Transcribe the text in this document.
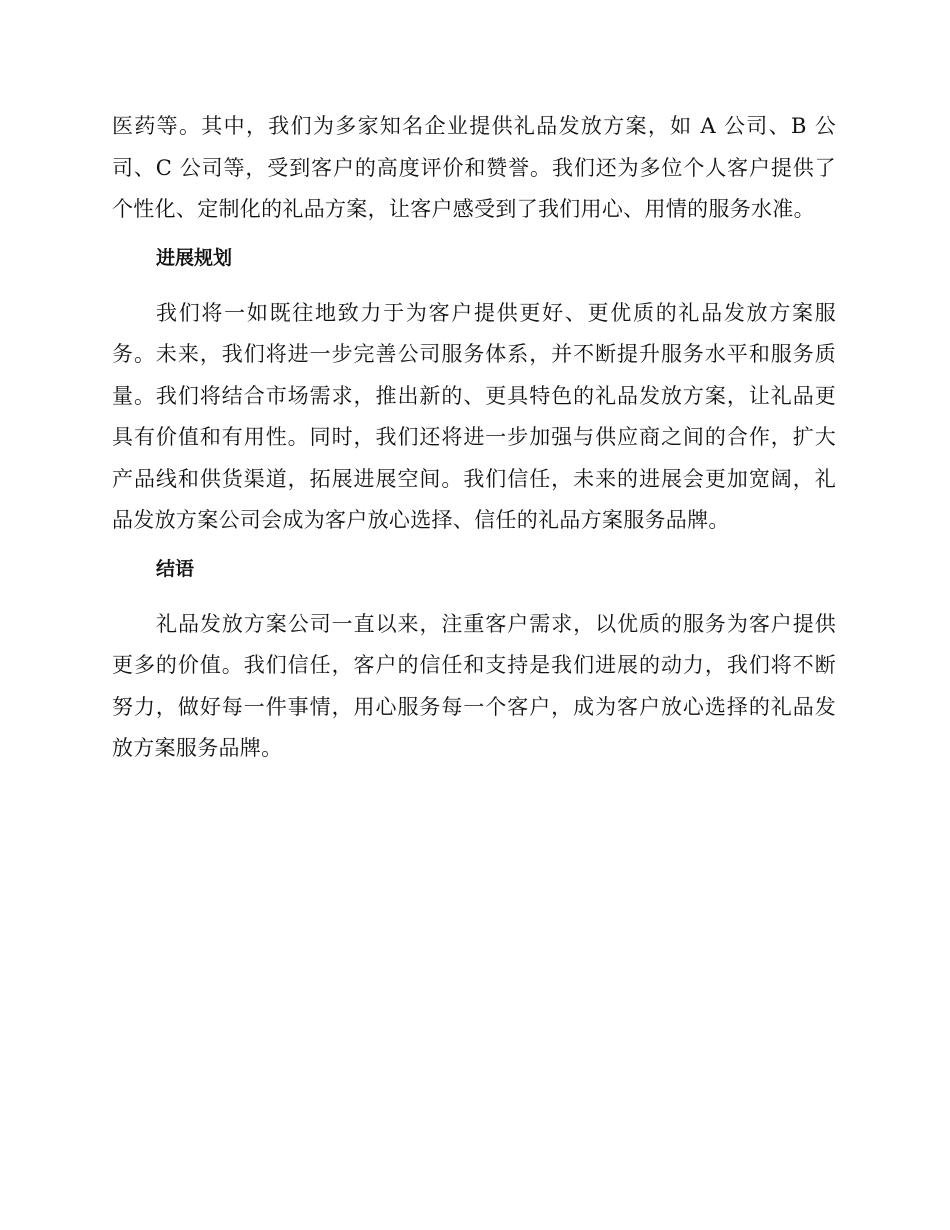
医药等。其中，我们为多家知名企业提供礼品发放方案，如 A 公司、B 公司、C 公司等，受到客户的高度评价和赞誉。我们还为多位个人客户提供了个性化、定制化的礼品方案，让客户感受到了我们用心、用情的服务水准。

进展规划

我们将一如既往地致力于为客户提供更好、更优质的礼品发放方案服务。未来，我们将进一步完善公司服务体系，并不断提升服务水平和服务质量。我们将结合市场需求，推出新的、更具特色的礼品发放方案，让礼品更具有价值和有用性。同时，我们还将进一步加强与供应商之间的合作，扩大产品线和供货渠道，拓展进展空间。我们信任，未来的进展会更加宽阔，礼品发放方案公司会成为客户放心选择、信任的礼品方案服务品牌。

结语

礼品发放方案公司一直以来，注重客户需求，以优质的服务为客户提供更多的价值。我们信任，客户的信任和支持是我们进展的动力，我们将不断努力，做好每一件事情，用心服务每一个客户，成为客户放心选择的礼品发放方案服务品牌。
